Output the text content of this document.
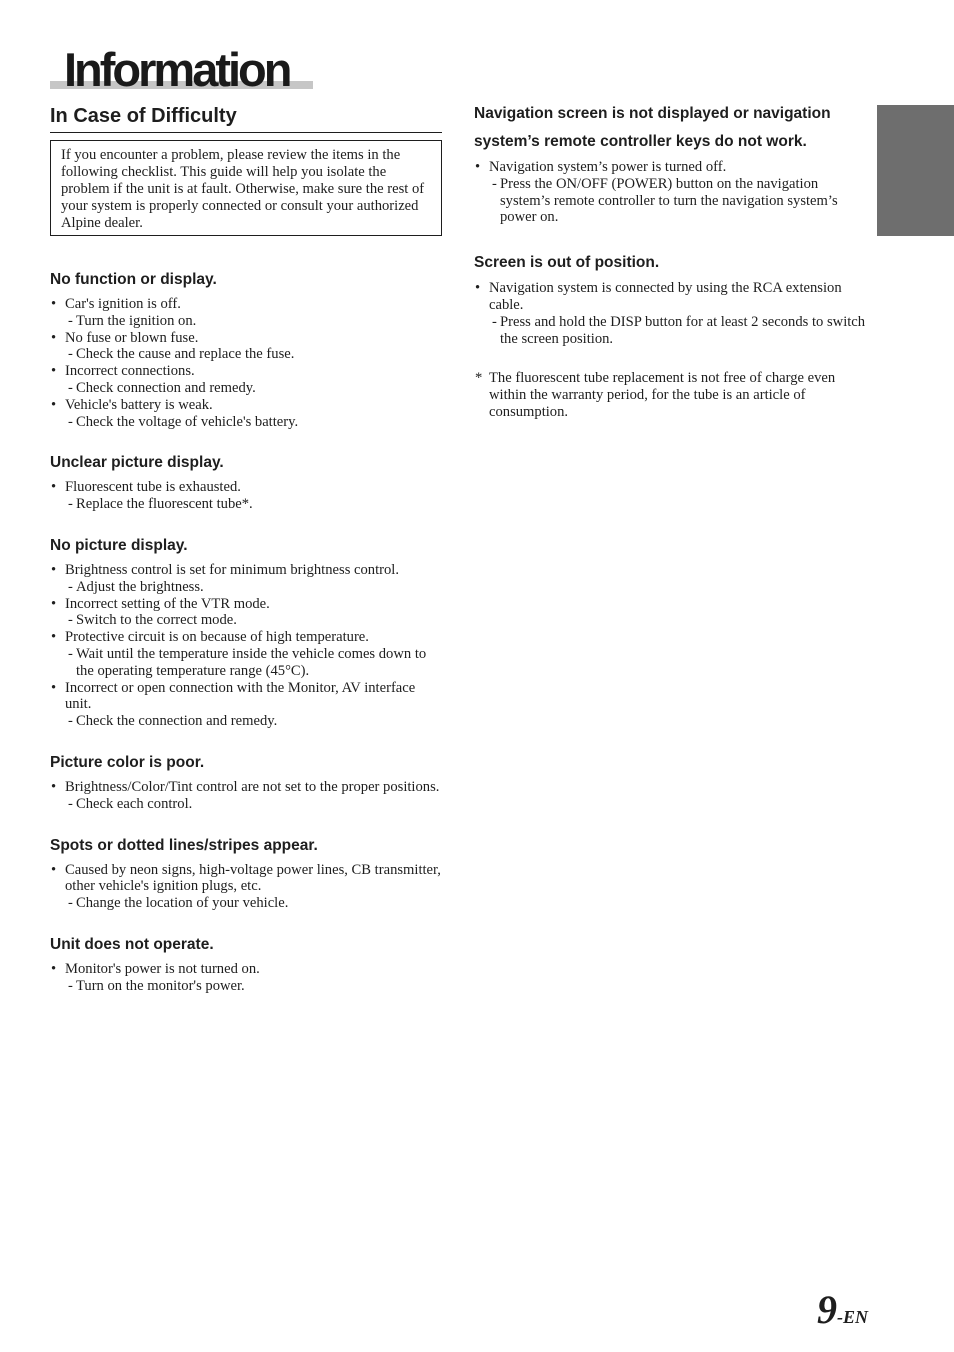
Information
In Case of Difficulty

If you encounter a problem, please review the items in the following checklist. This guide will help you isolate the problem if the unit is at fault. Otherwise, make sure the rest of your system is properly connected or consult your authorized Alpine dealer.

No function or display.
• Car's ignition is off.
- Turn the ignition on.
• No fuse or blown fuse.
- Check the cause and replace the fuse.
• Incorrect connections.
- Check connection and remedy.
• Vehicle's battery is weak.
- Check the voltage of vehicle's battery.
Unclear picture display.
• Fluorescent tube is exhausted.
- Replace the fluorescent tube*.
No picture display.
• Brightness control is set for minimum brightness control.
- Adjust the brightness.
• Incorrect setting of the VTR mode.
- Switch to the correct mode.
• Protective circuit is on because of high temperature.
- Wait until the temperature inside the vehicle comes down to the operating temperature range (45°C).
• Incorrect or open connection with the Monitor, AV interface unit.
- Check the connection and remedy.
Picture color is poor.
• Brightness/Color/Tint control are not set to the proper positions.
- Check each control.
Spots or dotted lines/stripes appear.
• Caused by neon signs, high-voltage power lines, CB transmitter, other vehicle's ignition plugs, etc.
- Change the location of your vehicle.
Unit does not operate.
• Monitor's power is not turned on.
- Turn on the monitor's power.
Navigation screen is not displayed or navigation system’s remote controller keys do not work.
• Navigation system’s power is turned off.
- Press the ON/OFF (POWER) button on the navigation system’s remote controller to turn the navigation system’s power on.
Screen is out of position.
• Navigation system is connected by using the RCA extension cable.
- Press and hold the DISP button for at least 2 seconds to switch the screen position.
* The fluorescent tube replacement is not free of charge even within the warranty period, for the tube is an article of consumption.
9-EN
